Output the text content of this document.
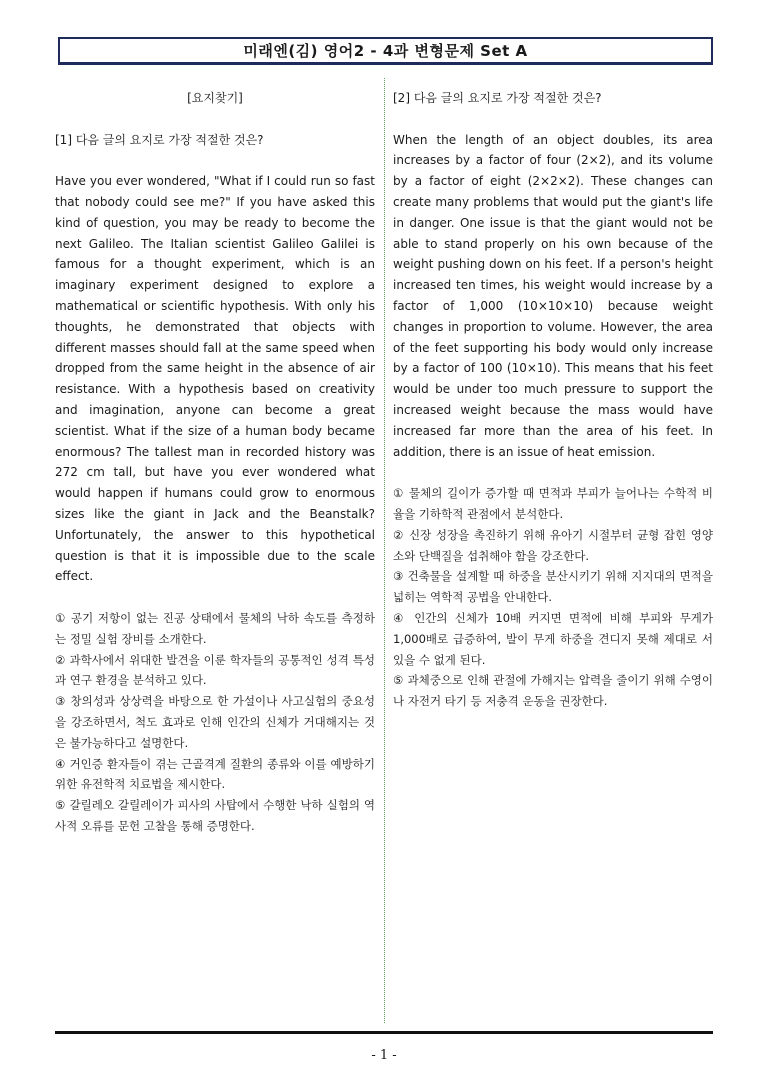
미래엔(김) 영어2 - 4과 변형문제 Set A

[요지찾기]

[1] 다음 글의 요지로 가장 적절한 것은?

Have you ever wondered, "What if I could run so fast that nobody could see me?" If you have asked this kind of question, you may be ready to become the next Galileo. The Italian scientist Galileo Galilei is famous for a thought experiment, which is an imaginary experiment designed to explore a mathematical or scientific hypothesis. With only his thoughts, he demonstrated that objects with different masses should fall at the same speed when dropped from the same height in the absence of air resistance. With a hypothesis based on creativity and imagination, anyone can become a great scientist. What if the size of a human body became enormous? The tallest man in recorded history was 272 cm tall, but have you ever wondered what would happen if humans could grow to enormous sizes like the giant in Jack and the Beanstalk? Unfortunately, the answer to this hypothetical question is that it is impossible due to the scale effect.

① 공기 저항이 없는 진공 상태에서 물체의 낙하 속도를 측정하는 정밀 실험 장비를 소개한다.

② 과학사에서 위대한 발견을 이룬 학자들의 공통적인 성격 특성과 연구 환경을 분석하고 있다.

③ 창의성과 상상력을 바탕으로 한 가설이나 사고실험의 중요성을 강조하면서, 척도 효과로 인해 인간의 신체가 거대해지는 것은 불가능하다고 설명한다.

④ 거인증 환자들이 겪는 근골격계 질환의 종류와 이를 예방하기 위한 유전학적 치료법을 제시한다.

⑤ 갈릴레오 갈릴레이가 피사의 사탑에서 수행한 낙하 실험의 역사적 오류를 문헌 고찰을 통해 증명한다.

[2] 다음 글의 요지로 가장 적절한 것은?

When the length of an object doubles, its area increases by a factor of four (2×2), and its volume by a factor of eight (2×2×2). These changes can create many problems that would put the giant's life in danger. One issue is that the giant would not be able to stand properly on his own because of the weight pushing down on his feet. If a person's height increased ten times, his weight would increase by a factor of 1,000 (10×10×10) because weight changes in proportion to volume. However, the area of the feet supporting his body would only increase by a factor of 100 (10×10). This means that his feet would be under too much pressure to support the increased weight because the mass would have increased far more than the area of his feet. In addition, there is an issue of heat emission.

① 물체의 길이가 증가할 때 면적과 부피가 늘어나는 수학적 비율을 기하학적 관점에서 분석한다.

② 신장 성장을 촉진하기 위해 유아기 시절부터 균형 잡힌 영양소와 단백질을 섭취해야 함을 강조한다.

③ 건축물을 설계할 때 하중을 분산시키기 위해 지지대의 면적을 넓히는 역학적 공법을 안내한다.

④ 인간의 신체가 10배 커지면 면적에 비해 부피와 무게가 1,000배로 급증하여, 발이 무게 하중을 견디지 못해 제대로 서 있을 수 없게 된다.

⑤ 과체중으로 인해 관절에 가해지는 압력을 줄이기 위해 수영이나 자전거 타기 등 저충격 운동을 권장한다.

- 1 -
